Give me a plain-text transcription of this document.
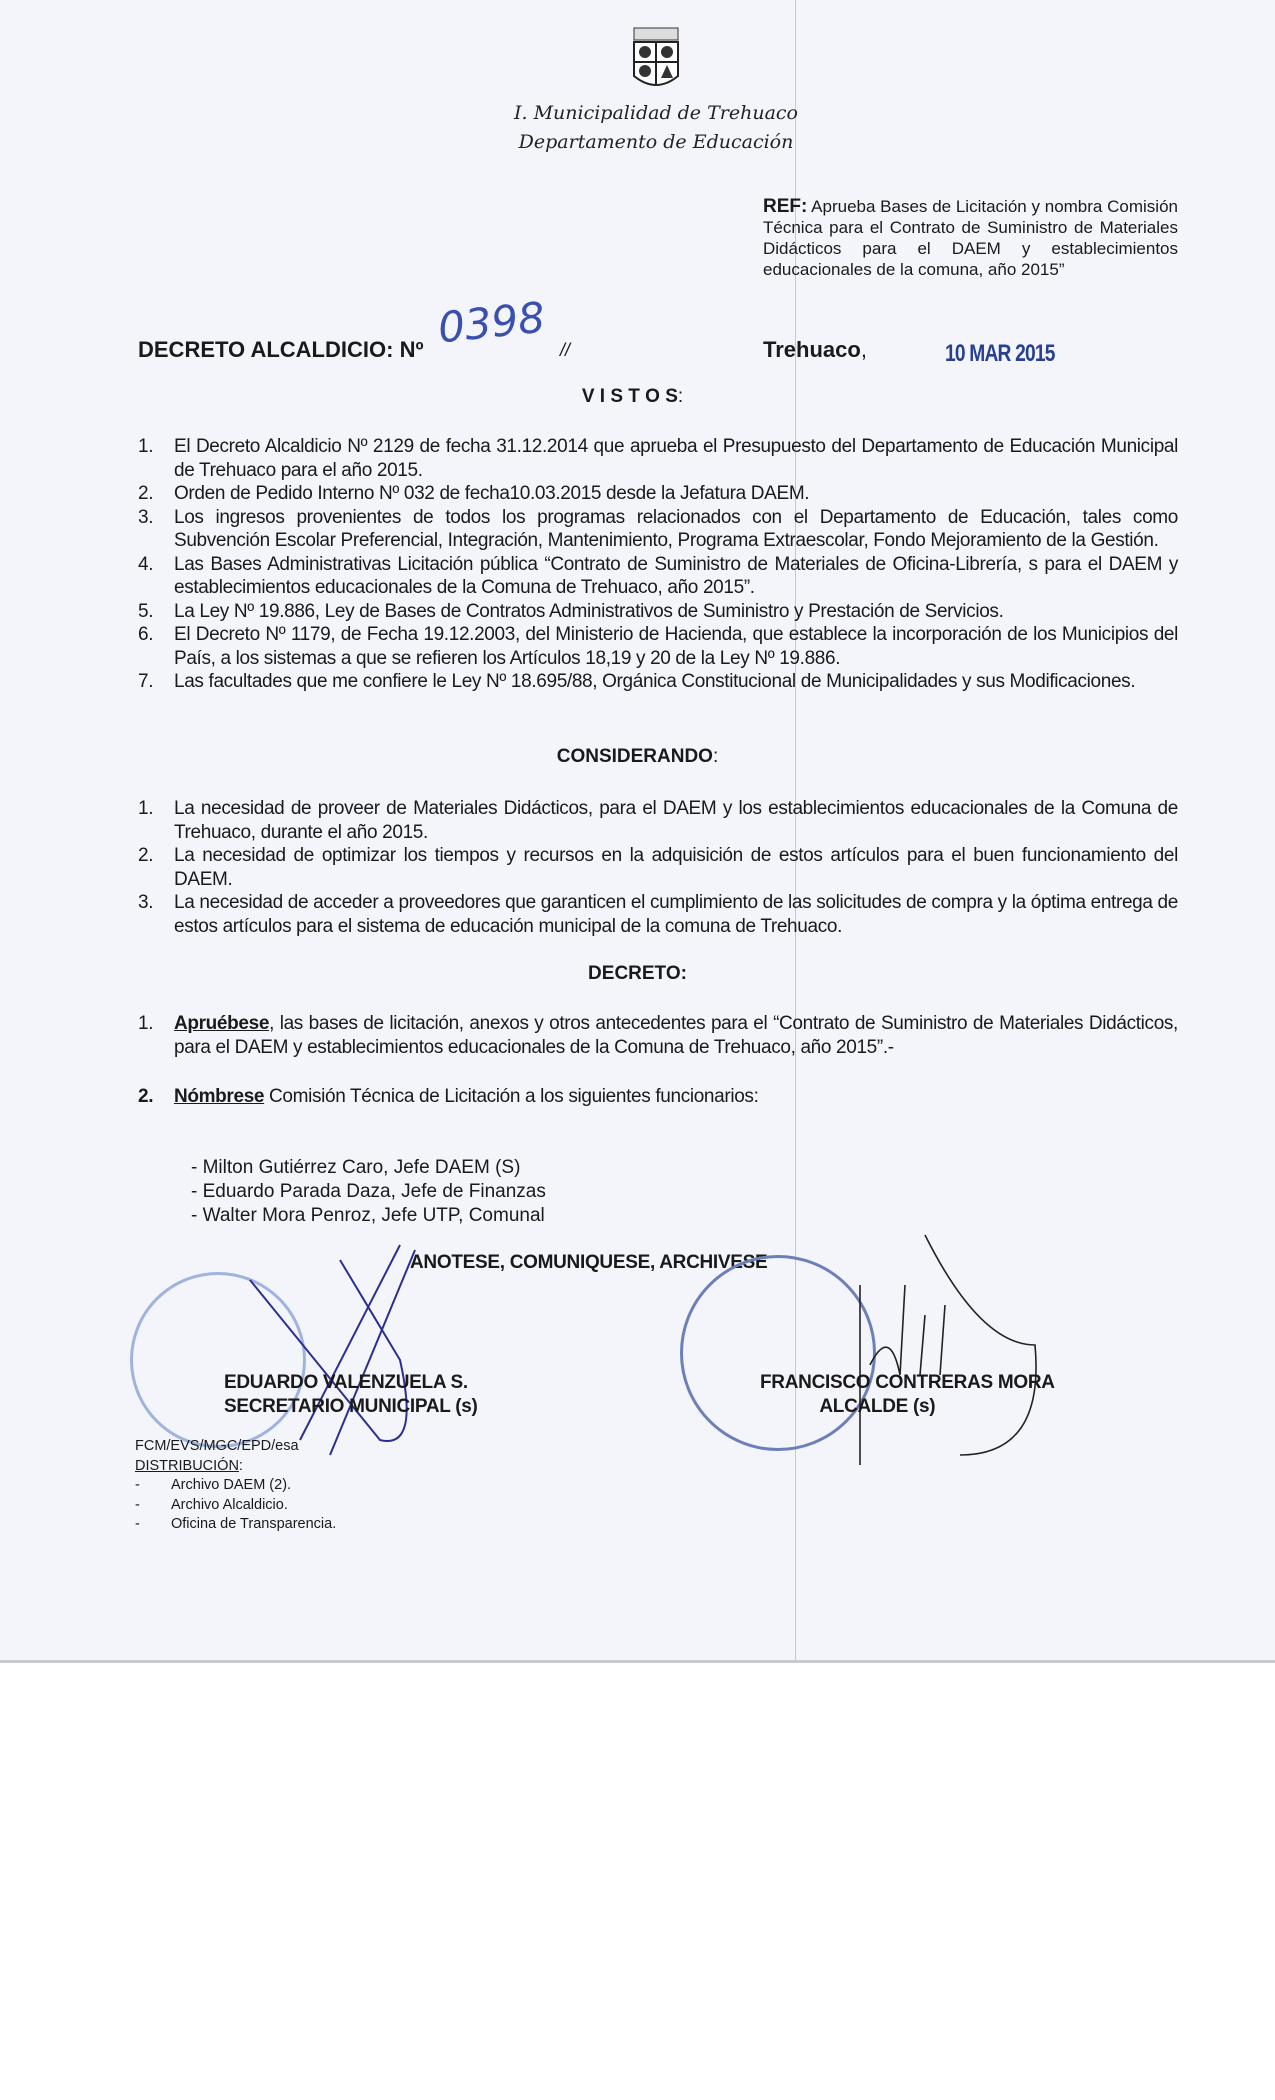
I. Municipalidad de Trehuaco
Departamento de Educación
REF: Aprueba Bases de Licitación y nombra Comisión Técnica para el Contrato de Suministro de Materiales Didácticos para el DAEM y establecimientos educacionales de la comuna, año 2015”
DECRETO ALCALDICIO: Nº 0398 //	Trehuaco,	10 MAR 2015
V I S T O S:
1.	El Decreto Alcaldicio Nº 2129 de fecha 31.12.2014 que aprueba el Presupuesto del Departamento de Educación Municipal de Trehuaco para el año 2015.
2.	Orden de Pedido Interno Nº 032 de fecha10.03.2015 desde la Jefatura DAEM.
3.	Los ingresos provenientes de todos los programas relacionados con el Departamento de Educación, tales como Subvención Escolar Preferencial, Integración, Mantenimiento, Programa Extraescolar, Fondo Mejoramiento de la Gestión.
4.	Las Bases Administrativas Licitación pública “Contrato de Suministro de Materiales de Oficina-Librería, s para el DAEM y establecimientos educacionales de la Comuna de Trehuaco, año 2015”.
5.	La Ley Nº 19.886, Ley de Bases de Contratos Administrativos de Suministro y Prestación de Servicios.
6.	El Decreto Nº 1179, de Fecha 19.12.2003, del Ministerio de Hacienda, que establece la incorporación de los Municipios del País, a los sistemas a que se refieren los Artículos 18,19 y 20 de la Ley Nº 19.886.
7.	Las facultades que me confiere le Ley Nº 18.695/88, Orgánica Constitucional de Municipalidades y sus Modificaciones.
CONSIDERANDO:
1.	La necesidad de proveer de Materiales Didácticos, para el DAEM y los establecimientos educacionales de la Comuna de Trehuaco, durante el año 2015.
2.	La necesidad de optimizar los tiempos y recursos en la adquisición de estos artículos para el buen funcionamiento del DAEM.
3.	La necesidad de acceder a proveedores que garanticen el cumplimiento de las solicitudes de compra y la óptima entrega de estos artículos para el sistema de educación municipal de la comuna de Trehuaco.
DECRETO:
1.	Apruébese, las bases de licitación, anexos y otros antecedentes para el “Contrato de Suministro de Materiales Didácticos, para el DAEM y establecimientos educacionales de la Comuna de Trehuaco, año 2015”.-
2.	Nómbrese Comisión Técnica de Licitación a los siguientes funcionarios:
- Milton Gutiérrez Caro, Jefe DAEM (S)
- Eduardo Parada Daza, Jefe de Finanzas
- Walter Mora Penroz, Jefe UTP, Comunal
ANOTESE, COMUNIQUESE, ARCHIVESE
EDUARDO VALENZUELA S.
SECRETARIO MUNICIPAL (s)
FRANCISCO CONTRERAS MORA
ALCALDE (s)
FCM/EVS/MGC/EPD/esa
DISTRIBUCIÓN:
- Archivo DAEM (2).
- Archivo Alcaldicio.
- Oficina de Transparencia.
